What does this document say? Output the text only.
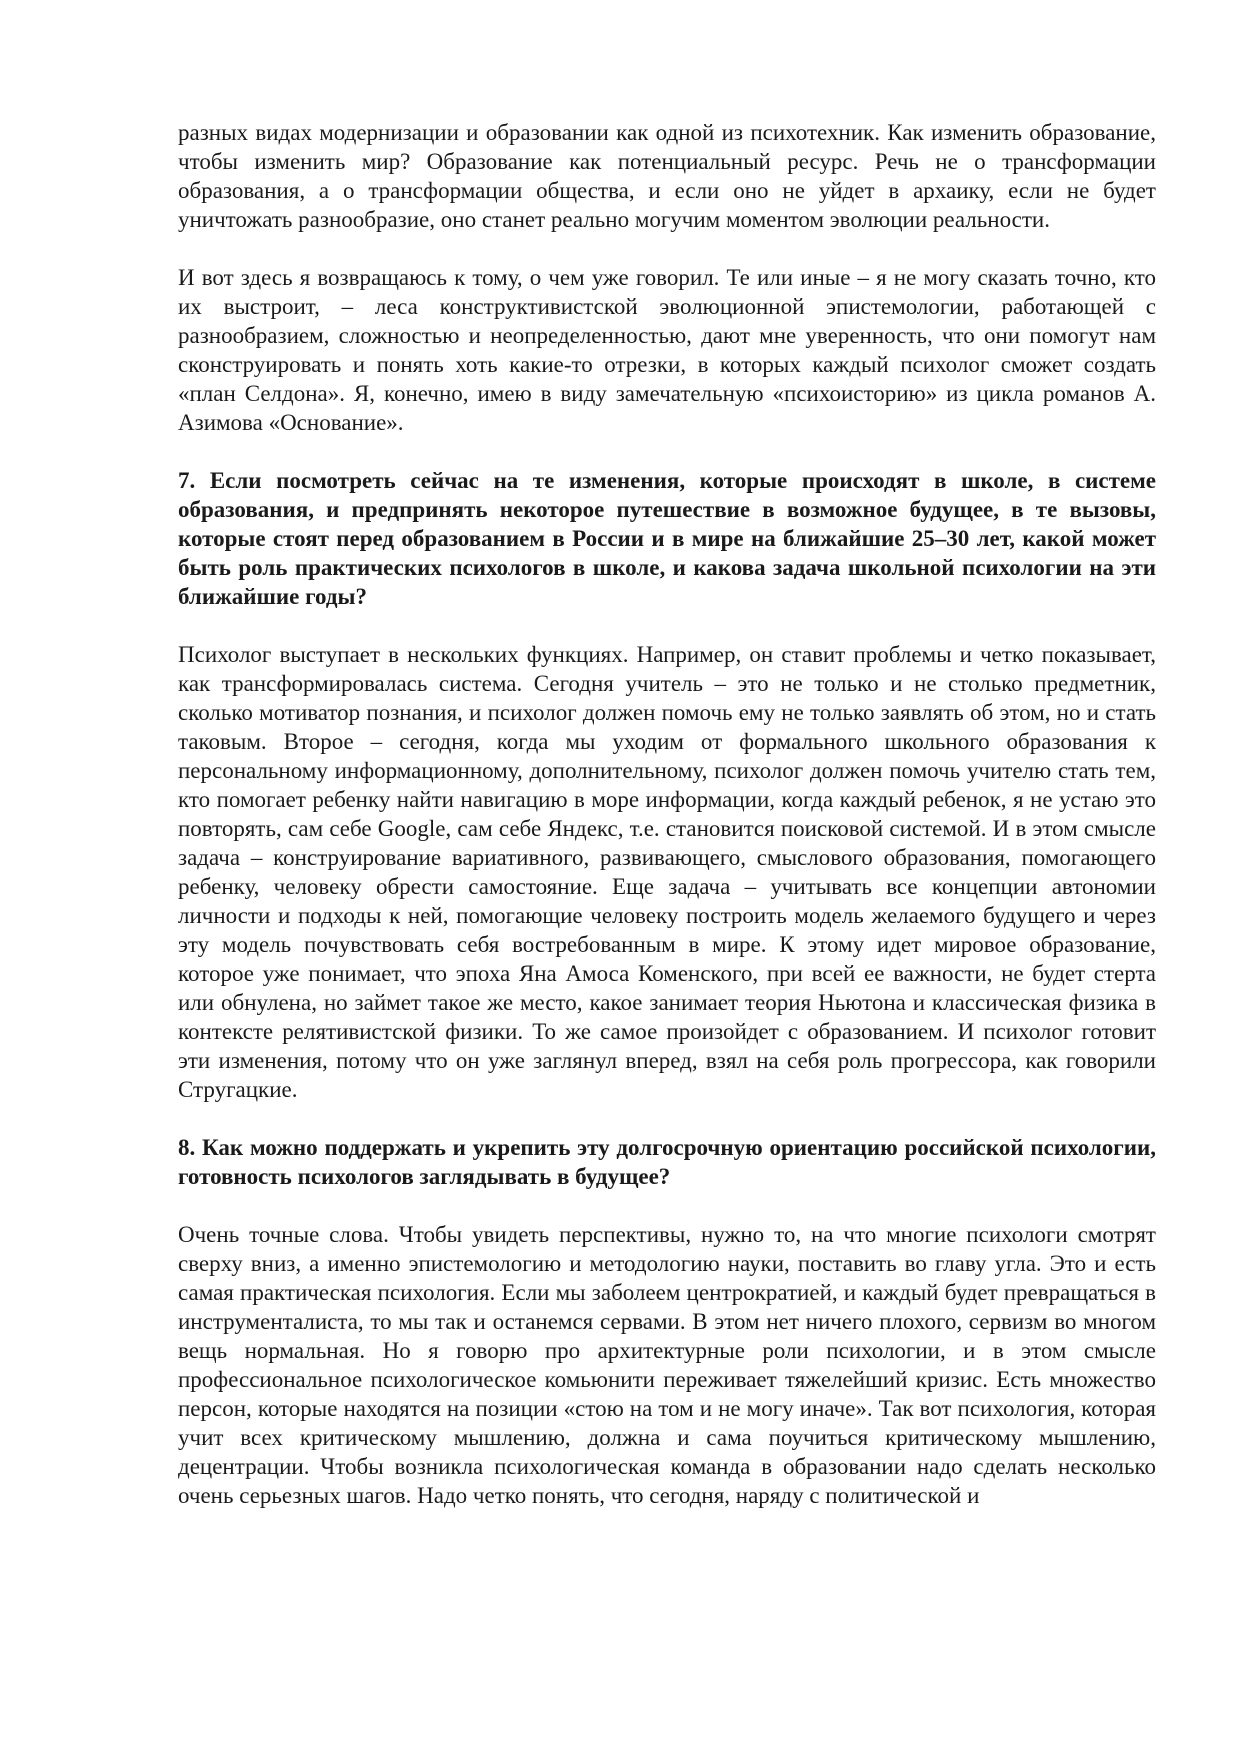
разных видах модернизации и образовании как одной из психотехник. Как изменить образование, чтобы изменить мир? Образование как потенциальный ресурс. Речь не о трансформации образования, а о трансформации общества, и если оно не уйдет в архаику, если не будет уничтожать разнообразие, оно станет реально могучим моментом эволюции реальности.

И вот здесь я возвращаюсь к тому, о чем уже говорил. Те или иные – я не могу сказать точно, кто их выстроит, – леса конструктивистской эволюционной эпистемологии, работающей с разнообразием, сложностью и неопределенностью, дают мне уверенность, что они помогут нам сконструировать и понять хоть какие-то отрезки, в которых каждый психолог сможет создать «план Селдона». Я, конечно, имею в виду замечательную «психоисторию» из цикла романов А. Азимова «Основание».

7. Если посмотреть сейчас на те изменения, которые происходят в школе, в системе образования, и предпринять некоторое путешествие в возможное будущее, в те вызовы, которые стоят перед образованием в России и в мире на ближайшие 25–30 лет, какой может быть роль практических психологов в школе, и какова задача школьной психологии на эти ближайшие годы?

Психолог выступает в нескольких функциях. Например, он ставит проблемы и четко показывает, как трансформировалась система. Сегодня учитель – это не только и не столько предметник, сколько мотиватор познания, и психолог должен помочь ему не только заявлять об этом, но и стать таковым. Второе – сегодня, когда мы уходим от формального школьного образования к персональному информационному, дополнительному, психолог должен помочь учителю стать тем, кто помогает ребенку найти навигацию в море информации, когда каждый ребенок, я не устаю это повторять, сам себе Google, сам себе Яндекс, т.е. становится поисковой системой. И в этом смысле задача – конструирование вариативного, развивающего, смыслового образования, помогающего ребенку, человеку обрести самостояние. Еще задача – учитывать все концепции автономии личности и подходы к ней, помогающие человеку построить модель желаемого будущего и через эту модель почувствовать себя востребованным в мире. К этому идет мировое образование, которое уже понимает, что эпоха Яна Амоса Коменского, при всей ее важности, не будет стерта или обнулена, но займет такое же место, какое занимает теория Ньютона и классическая физика в контексте релятивистской физики. То же самое произойдет с образованием. И психолог готовит эти изменения, потому что он уже заглянул вперед, взял на себя роль прогрессора, как говорили Стругацкие.

8. Как можно поддержать и укрепить эту долгосрочную ориентацию российской психологии, готовность психологов заглядывать в будущее?

Очень точные слова. Чтобы увидеть перспективы, нужно то, на что многие психологи смотрят сверху вниз, а именно эпистемологию и методологию науки, поставить во главу угла. Это и есть самая практическая психология. Если мы заболеем центрократией, и каждый будет превращаться в инструменталиста, то мы так и останемся сервами. В этом нет ничего плохого, сервизм во многом вещь нормальная. Но я говорю про архитектурные роли психологии, и в этом смысле профессиональное психологическое комьюнити переживает тяжелейший кризис. Есть множество персон, которые находятся на позиции «стою на том и не могу иначе». Так вот психология, которая учит всех критическому мышлению, должна и сама поучиться критическому мышлению, децентрации. Чтобы возникла психологическая команда в образовании надо сделать несколько очень серьезных шагов. Надо четко понять, что сегодня, наряду с политической и
